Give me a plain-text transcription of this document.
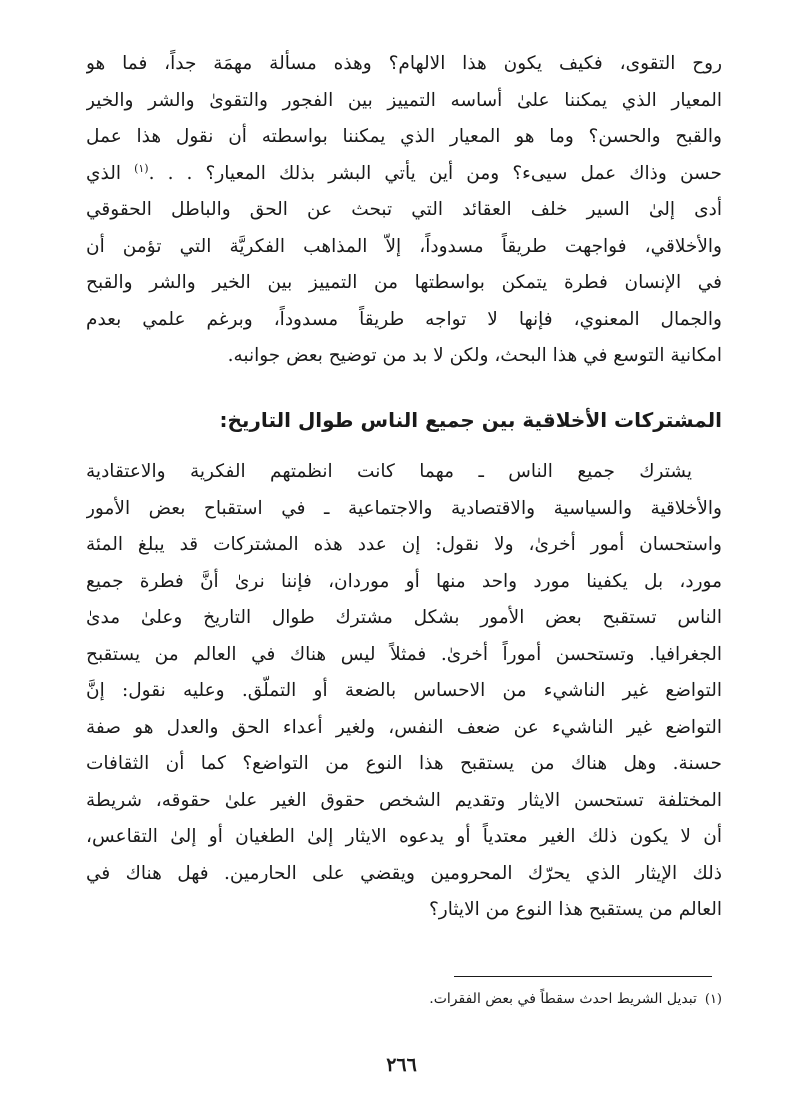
روح التقوى، فكيف يكون هذا الالهام؟ وهذه مسألة مهمَة جداً، فما هو
المعيار الذي يمكننا علىٰ أساسه التمييز بين الفجور والتقوىٰ والشر والخير
والقبح والحسن؟ وما هو المعيار الذي يمكننا بواسطته أن نقول هذا عمل
حسن وذاك عمل سيىء؟ ومن أين يأتي البشر بذلك المعيار؟ . . .$^{(١)}$ الذي
أدى إلىٰ السير خلف العقائد التي تبحث عن الحق والباطل الحقوقي
والأخلاقي، فواجهت طريقاً مسدوداً، إلاّ المذاهب الفكريَّة التي تؤمن أن
في الإنسان فطرة يتمكن بواسطتها من التمييز بين الخير والشر والقبح
والجمال المعنوي، فإنها لا تواجه طريقاً مسدوداً، وبرغم علمي بعدم
امكانية التوسع في هذا البحث، ولكن لا بد من توضيح بعض جوانبه.
المشتركات الأخلاقية بين جميع الناس طوال التاريخ:
يشترك جميع الناس ـ مهما كانت انظمتهم الفكرية والاعتقادية
والأخلاقية والسياسية والاقتصادية والاجتماعية ـ في استقباح بعض الأمور
واستحسان أمور أخرىٰ، ولا نقول: إن عدد هذه المشتركات قد يبلغ المئة
مورد، بل يكفينا مورد واحد منها أو موردان، فإننا نرىٰ أنَّ فطرة جميع
الناس تستقبح بعض الأمور بشكل مشترك طوال التاريخ وعلىٰ مدىٰ
الجغرافيا. وتستحسن أموراً أخرىٰ. فمثلاً ليس هناك في العالم من يستقبح
التواضع غير الناشيء من الاحساس بالضعة أو التملّق. وعليه نقول: إنَّ
التواضع غير الناشيء عن ضعف النفس، ولغير أعداء الحق والعدل هو صفة
حسنة. وهل هناك من يستقبح هذا النوع من التواضع؟ كما أن الثقافات
المختلفة تستحسن الايثار وتقديم الشخص حقوق الغير علىٰ حقوقه، شريطة
أن لا يكون ذلك الغير معتدياً أو يدعوه الايثار إلىٰ الطغيان أو إلىٰ التقاعس،
ذلك الإيثار الذي يحرّك المحرومين ويقضي على الحارمين. فهل هناك في
العالم من يستقبح هذا النوع من الايثار؟
(١)تبديل الشريط احدث سقطاً في بعض الفقرات.
٢٦٦
